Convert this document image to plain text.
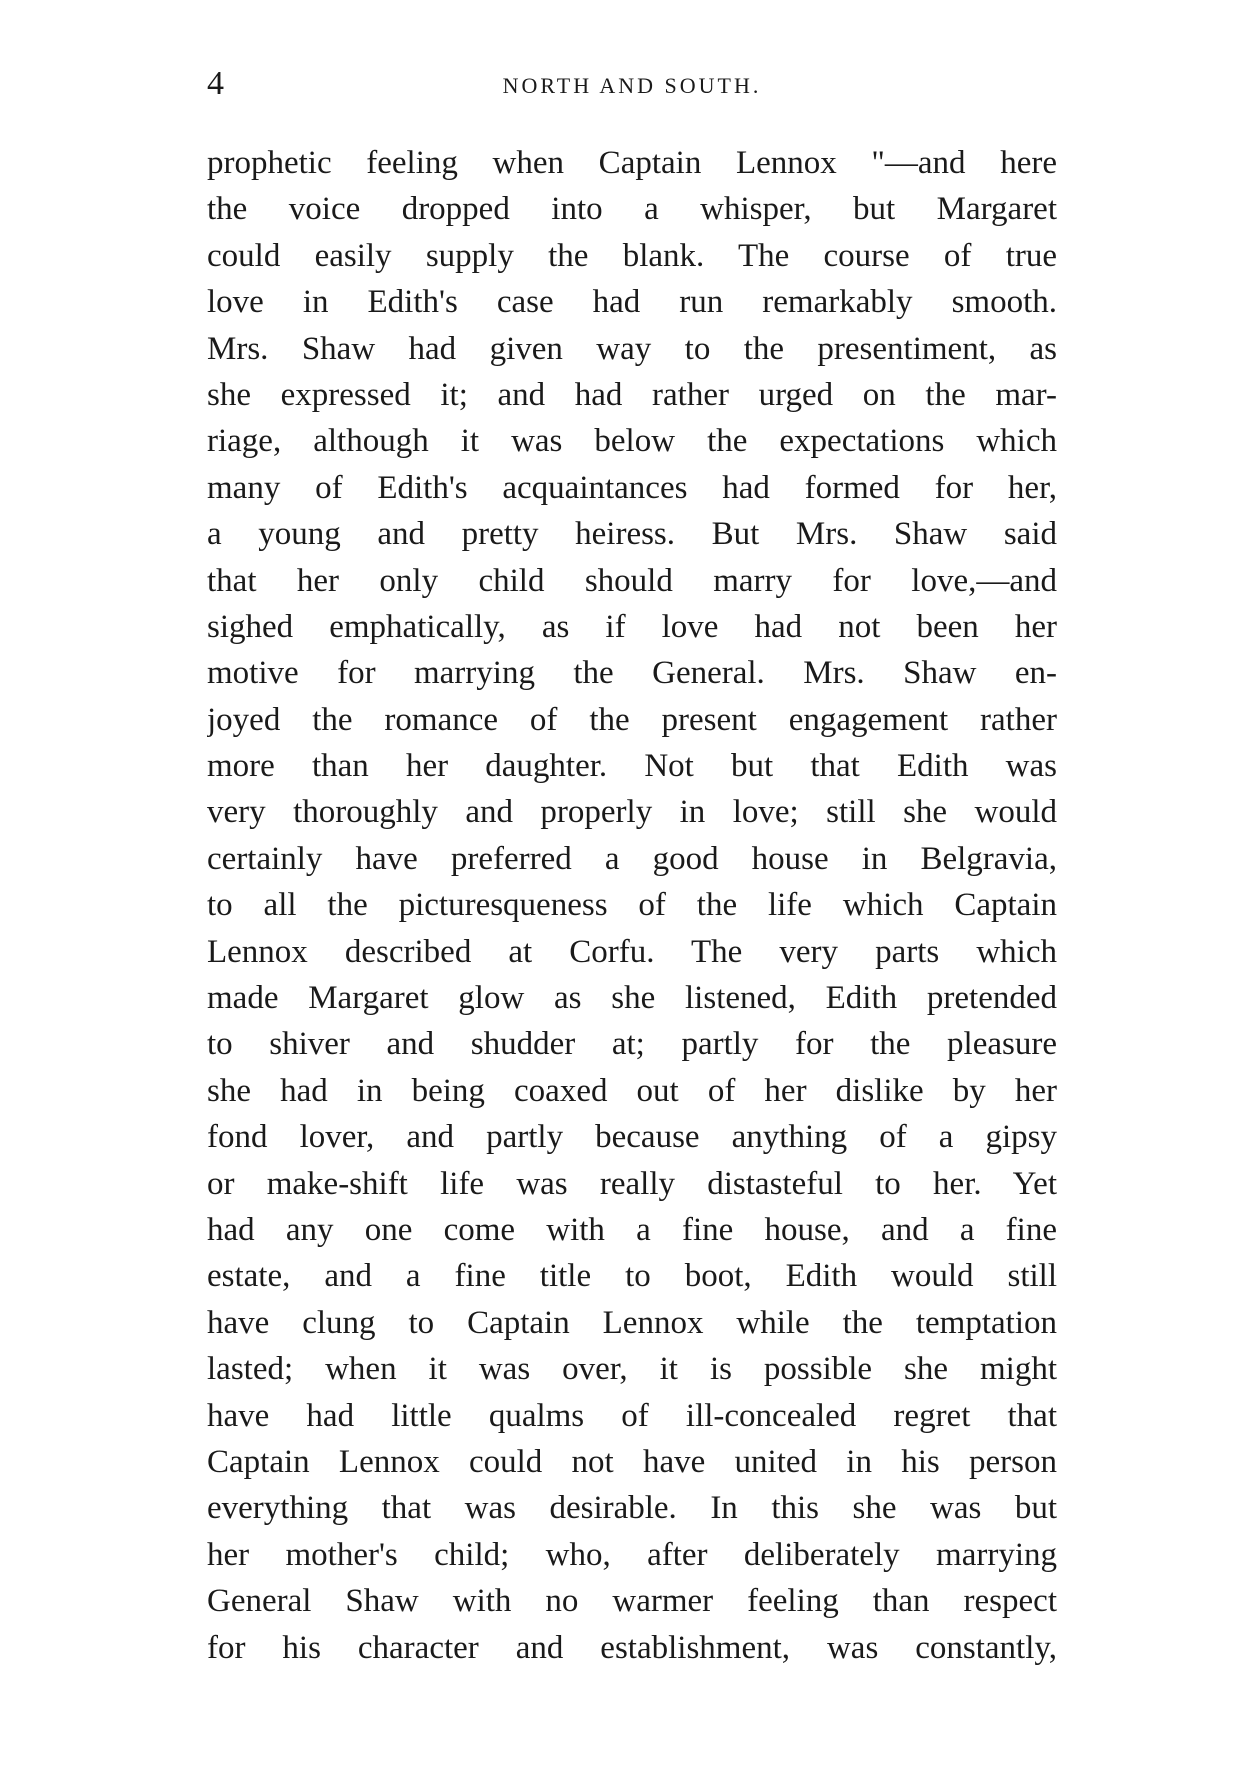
4	NORTH AND SOUTH.
prophetic feeling when Captain Lennox "—and here
the voice dropped into a whisper, but Margaret
could easily supply the blank. The course of true
love in Edith's case had run remarkably smooth.
Mrs. Shaw had given way to the presentiment, as
she expressed it; and had rather urged on the mar-
riage, although it was below the expectations which
many of Edith's acquaintances had formed for her,
a young and pretty heiress. But Mrs. Shaw said
that her only child should marry for love,—and
sighed emphatically, as if love had not been her
motive for marrying the General. Mrs. Shaw en-
joyed the romance of the present engagement rather
more than her daughter. Not but that Edith was
very thoroughly and properly in love; still she would
certainly have preferred a good house in Belgravia,
to all the picturesqueness of the life which Captain
Lennox described at Corfu. The very parts which
made Margaret glow as she listened, Edith pretended
to shiver and shudder at; partly for the pleasure
she had in being coaxed out of her dislike by her
fond lover, and partly because anything of a gipsy
or make-shift life was really distasteful to her. Yet
had any one come with a fine house, and a fine
estate, and a fine title to boot, Edith would still
have clung to Captain Lennox while the temptation
lasted; when it was over, it is possible she might
have had little qualms of ill-concealed regret that
Captain Lennox could not have united in his person
everything that was desirable. In this she was but
her mother's child; who, after deliberately marrying
General Shaw with no warmer feeling than respect
for his character and establishment, was constantly,
